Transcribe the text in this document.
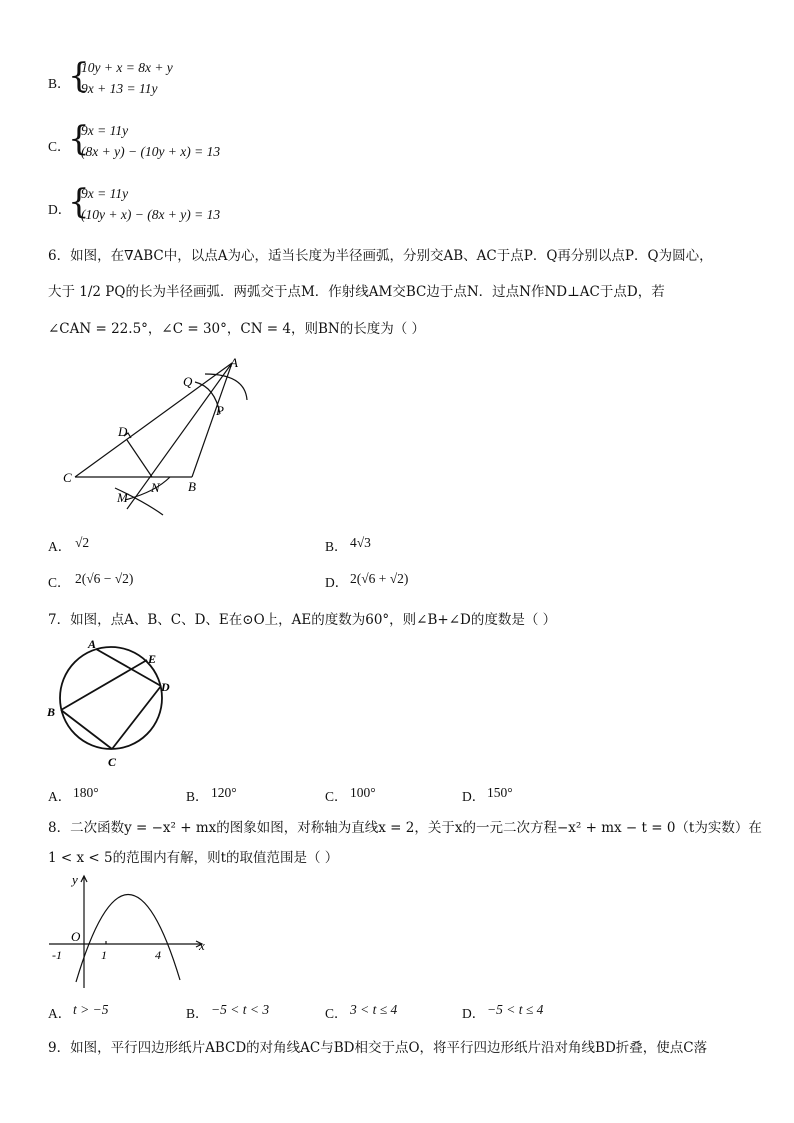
B．
{
10y + x = 8x + y
9x + 13 = 11y
C．
{
9x = 11y
(8x + y) − (10y + x) = 13
D．
{
9x = 11y
(10y + x) − (8x + y) = 13
6．如图，在∇ABC中，以点A为心，适当长度为半径画弧，分别交AB、AC于点P．Q再分别以点P．Q为圆心，
大于 1/2 PQ的长为半径画弧．两弧交于点M．作射线AM交BC边于点N．过点N作ND⊥AC于点D，若
∠CAN = 22.5°，∠C = 30°，CN = 4，则BN的长度为（ ）
A
Q
P
D
C
N B
M
A． √2	B． 4√3
C． 2(√6 − √2)	D． 2(√6 + √2)
7．如图，点A、B、C、D、E在⊙O上，AE的度数为60°，则∠B+∠D的度数是（ ）
A
E
D
B
C
A． 180°	B． 120°	C． 100°	D． 150°
8．二次函数y = −x² + mx的图象如图，对称轴为直线x = 2，关于x的一元二次方程−x² + mx − t = 0（t为实数）在
1 < x < 5的范围内有解，则t的取值范围是（ ）
y
x
O
-1	1	4
A． t > −5	B． −5 < t < 3	C． 3 < t ≤ 4	D． −5 < t ≤ 4
9．如图，平行四边形纸片ABCD的对角线AC与BD相交于点O，将平行四边形纸片沿对角线BD折叠，使点C落
